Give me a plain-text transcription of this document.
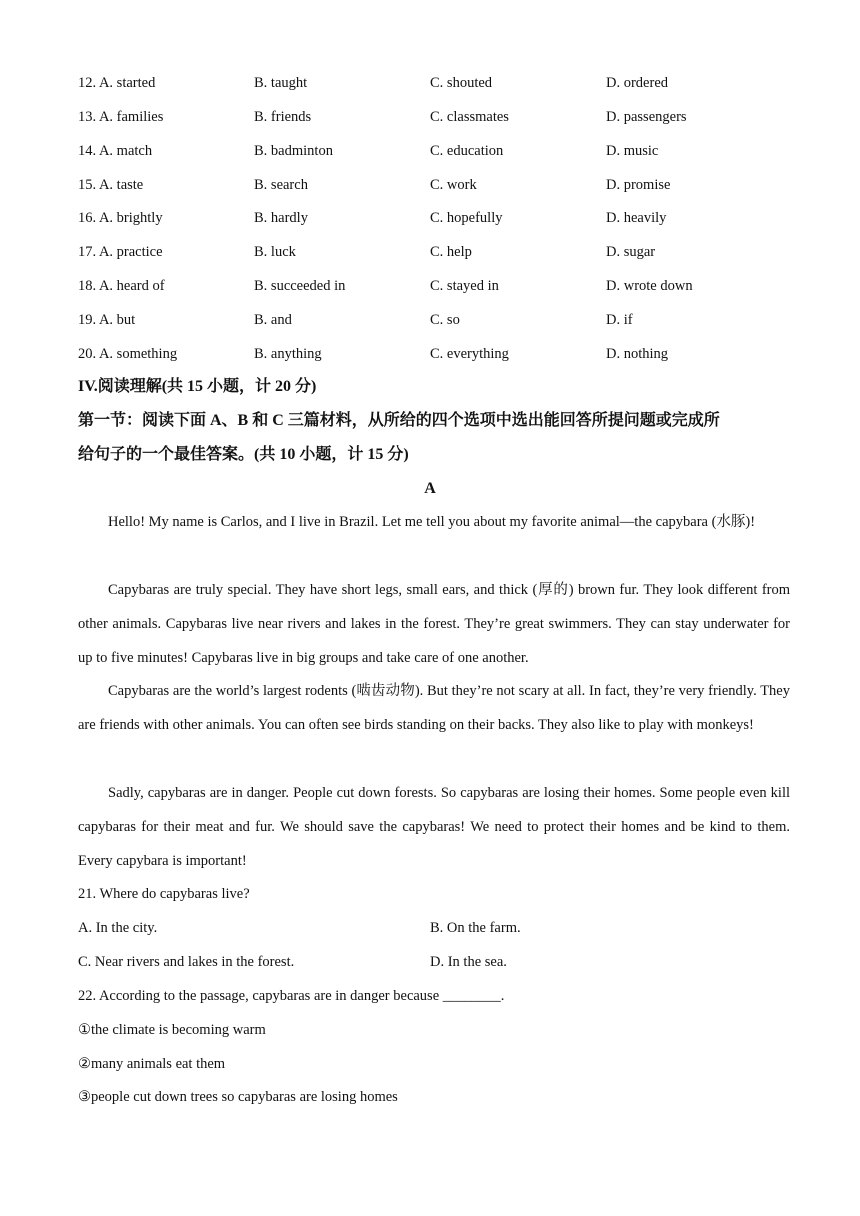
12. A. started	B. taught	C. shouted	D. ordered
13. A. families	B. friends	C. classmates	D. passengers
14. A. match	B. badminton	C. education	D. music
15. A. taste	B. search	C. work	D. promise
16. A. brightly	B. hardly	C. hopefully	D. heavily
17. A. practice	B. luck	C. help	D. sugar
18. A. heard of	B. succeeded in	C. stayed in	D. wrote down
19. A. but	B. and	C. so	D. if
20. A. something	B. anything	C. everything	D. nothing
IV.阅读理解(共 15 小题，计 20 分)
第一节：阅读下面 A、B 和 C 三篇材料，从所给的四个选项中选出能回答所提问题或完成所
给句子的一个最佳答案。(共 10 小题，计 15 分)
A
Hello! My name is Carlos, and I live in Brazil. Let me tell you about my favorite animal—the capybara (水豚)!
Capybaras are truly special. They have short legs, small ears, and thick (厚的) brown fur. They look different from other animals. Capybaras live near rivers and lakes in the forest. They’re great swimmers. They can stay underwater for up to five minutes! Capybaras live in big groups and take care of one another.
Capybaras are the world’s largest rodents (啮齿动物). But they’re not scary at all. In fact, they’re very friendly. They are friends with other animals. You can often see birds standing on their backs. They also like to play with monkeys!
Sadly, capybaras are in danger. People cut down forests. So capybaras are losing their homes. Some people even kill capybaras for their meat and fur. We should save the capybaras! We need to protect their homes and be kind to them. Every capybara is important!
21. Where do capybaras live?
A. In the city.	B. On the farm.
C. Near rivers and lakes in the forest.	D. In the sea.
22. According to the passage, capybaras are in danger because ________.
①the climate is becoming warm
②many animals eat them
③people cut down trees so capybaras are losing homes
